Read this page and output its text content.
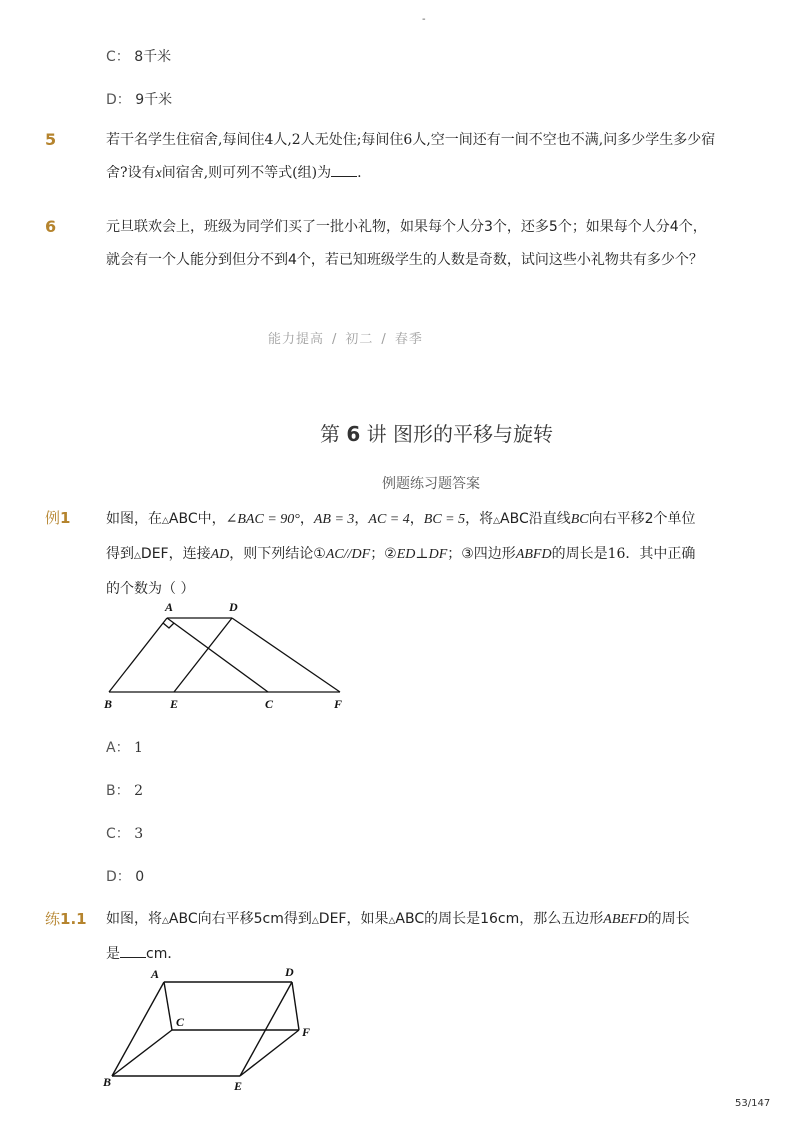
-
C： 8千米
D： 9千米
5	若干名学生住宿舍,每间住4人,2人无处住;每间住6人,空一间还有一间不空也不满,问多少学生多少宿舍?设有x间宿舍,则可列不等式(组)为 .
6	元旦联欢会上，班级为同学们买了一批小礼物，如果每个人分3个，还多5个；如果每个人分4个，
就会有一个人能分到但分不到4个，若已知班级学生的人数是奇数，试问这些小礼物共有多少个？
能力提高 / 初二 / 春季
第 6 讲 图形的平移与旋转
例题练习题答案
例1	如图，在△ABC中，∠BAC = 90°，AB = 3，AC = 4，BC = 5，将△ABC沿直线BC向右平移2个单位
得到△DEF，连接AD，则下列结论①AC//DF；②ED⊥DF；③四边形ABFD的周长是16．其中正确
的个数为（ ）
A	D
B	E	C	F
A： 1
B： 2
C： 3
D： 0
练1.1 如图，将△ABC向右平移5cm得到△DEF，如果△ABC的周长是16cm，那么五边形ABEFD的周长
是 cm．
A	D
C
F
B	E
53/147
